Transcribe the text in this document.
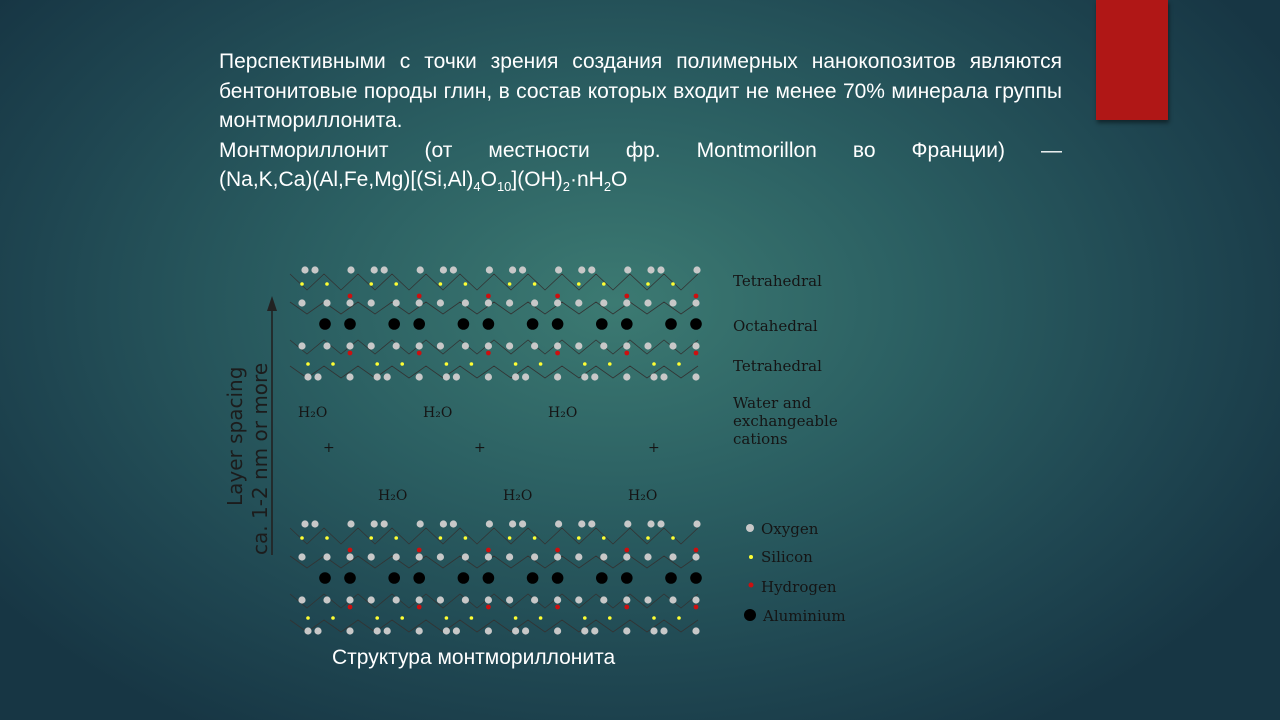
Перспективными с точки зрения создания полимерных нанокопозитов являются бентонитовые породы глин, в состав которых входит не менее 70% минерала группы монтмориллонита.

Монтмориллонит (от местности фр. Montmorillon во Франции) —

$(Na,K,Ca)(Al,Fe,Mg)[(Si,Al)_4O_{10}](OH)_2\cdot nH_2O$
Layer spacing ca. 1-2 nm or more
Tetrahedral
Octahedral
Tetrahedral
Water and
exchangeable
cations
H₂O	H₂O	H₂O
H₂O	H₂O	H₂O
+	+	+
Oxygen
Silicon
Hydrogen
Aluminium
Структура монтмориллонита
